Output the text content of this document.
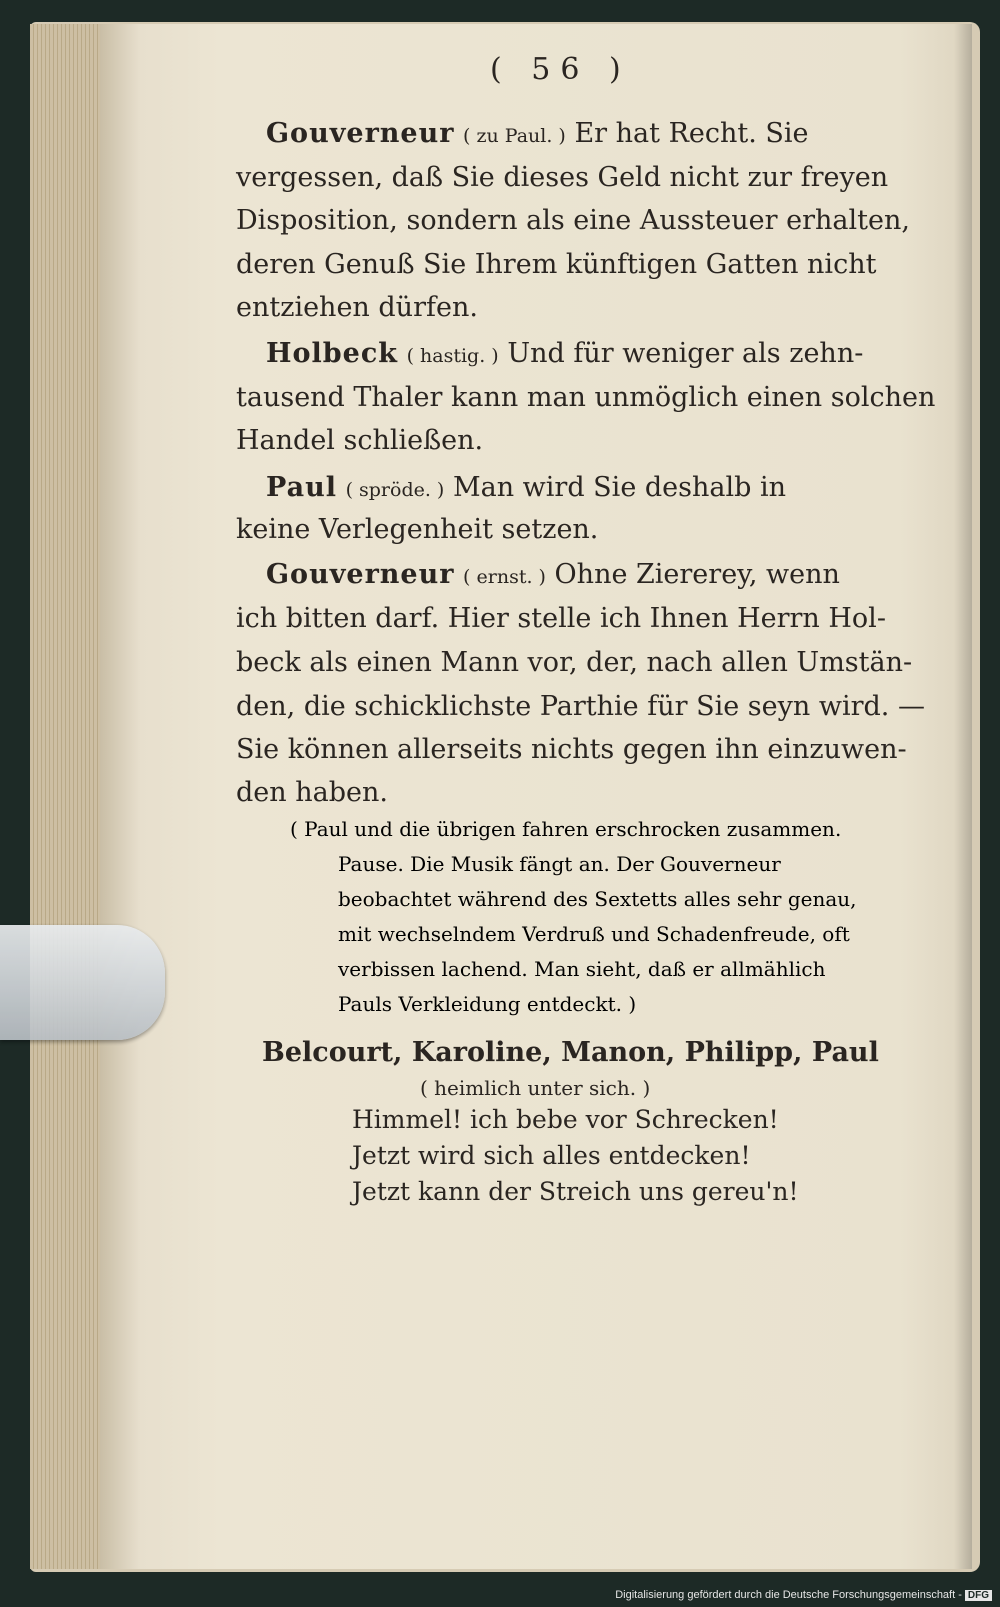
( 56 )
Gouverneur ( zu Paul. ) Er hat Recht. Sie
vergessen, daß Sie dieses Geld nicht zur freyen
Disposition, sondern als eine Aussteuer erhalten,
deren Genuß Sie Ihrem künftigen Gatten nicht
entziehen dürfen.
Holbeck ( hastig. ) Und für weniger als zehn-
tausend Thaler kann man unmöglich einen solchen
Handel schließen.
Paul ( spröde. ) Man wird Sie deshalb in
keine Verlegenheit setzen.
Gouverneur ( ernst. ) Ohne Ziererey, wenn
ich bitten darf. Hier stelle ich Ihnen Herrn Hol-
beck als einen Mann vor, der, nach allen Umstän-
den, die schicklichste Parthie für Sie seyn wird. —
Sie können allerseits nichts gegen ihn einzuwen-
den haben.
( Paul und die übrigen fahren erschrocken zusammen.
Pause. Die Musik fängt an. Der Gouverneur
beobachtet während des Sextetts alles sehr genau,
mit wechselndem Verdruß und Schadenfreude, oft
verbissen lachend. Man sieht, daß er allmählich
Pauls Verkleidung entdeckt. )
Belcourt, Karoline, Manon, Philipp, Paul
( heimlich unter sich. )
Himmel! ich bebe vor Schrecken!
Jetzt wird sich alles entdecken!
Jetzt kann der Streich uns gereu'n!
Digitalisierung gefördert durch die Deutsche Forschungsgemeinschaft - DFG
